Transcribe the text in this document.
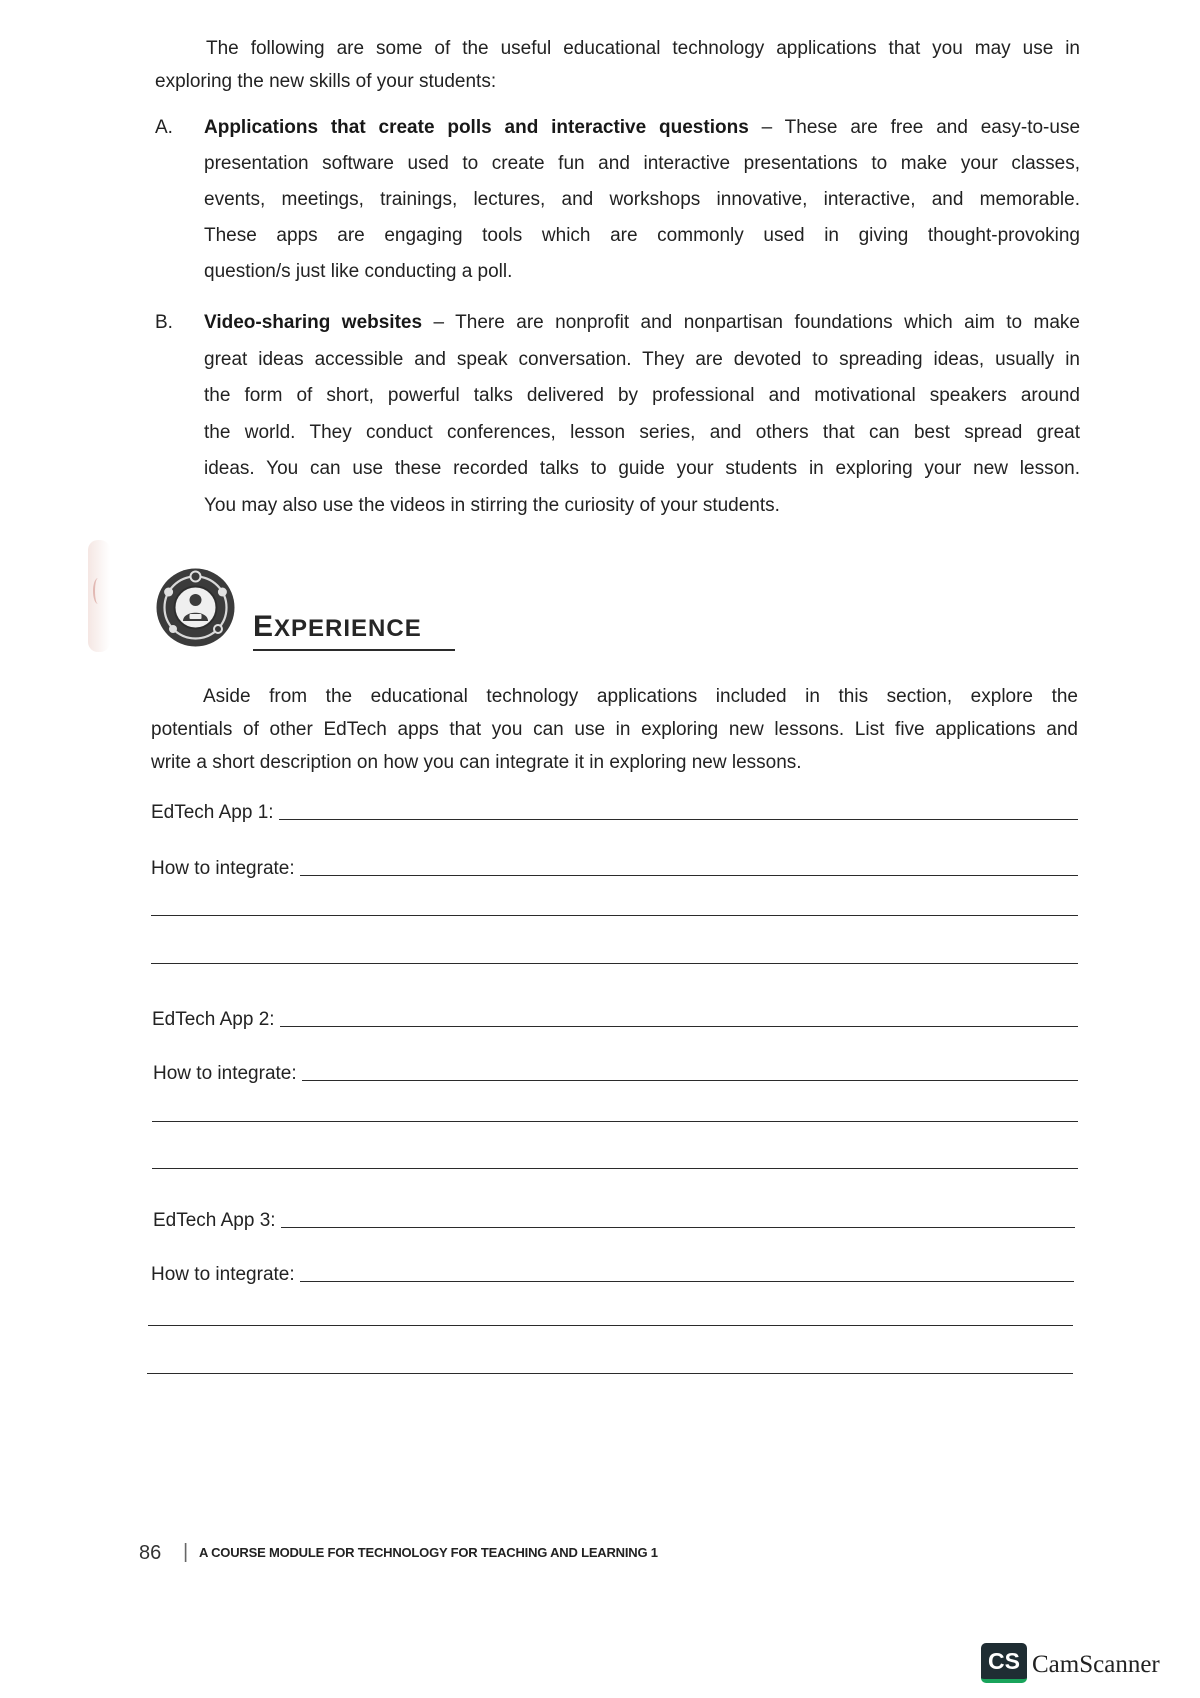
The following are some of the useful educational technology applications that you may use in
exploring the new skills of your students:
A. Applications that create polls and interactive questions – These are free and easy-to-use
presentation software used to create fun and interactive presentations to make your classes,
events, meetings, trainings, lectures, and workshops innovative, interactive, and memorable.
These apps are engaging tools which are commonly used in giving thought-provoking
question/s just like conducting a poll.
B. Video-sharing websites – There are nonprofit and nonpartisan foundations which aim to make
great ideas accessible and speak conversation. They are devoted to spreading ideas, usually in
the form of short, powerful talks delivered by professional and motivational speakers around
the world. They conduct conferences, lesson series, and others that can best spread great
ideas. You can use these recorded talks to guide your students in exploring your new lesson.
You may also use the videos in stirring the curiosity of your students.
EXPERIENCE
Aside from the educational technology applications included in this section, explore the
potentials of other EdTech apps that you can use in exploring new lessons. List five applications and
write a short description on how you can integrate it in exploring new lessons.
EdTech App 1:
How to integrate:
EdTech App 2:
How to integrate:
EdTech App 3:
How to integrate:
86 | A COURSE MODULE FOR TECHNOLOGY FOR TEACHING AND LEARNING 1
CS CamScanner
